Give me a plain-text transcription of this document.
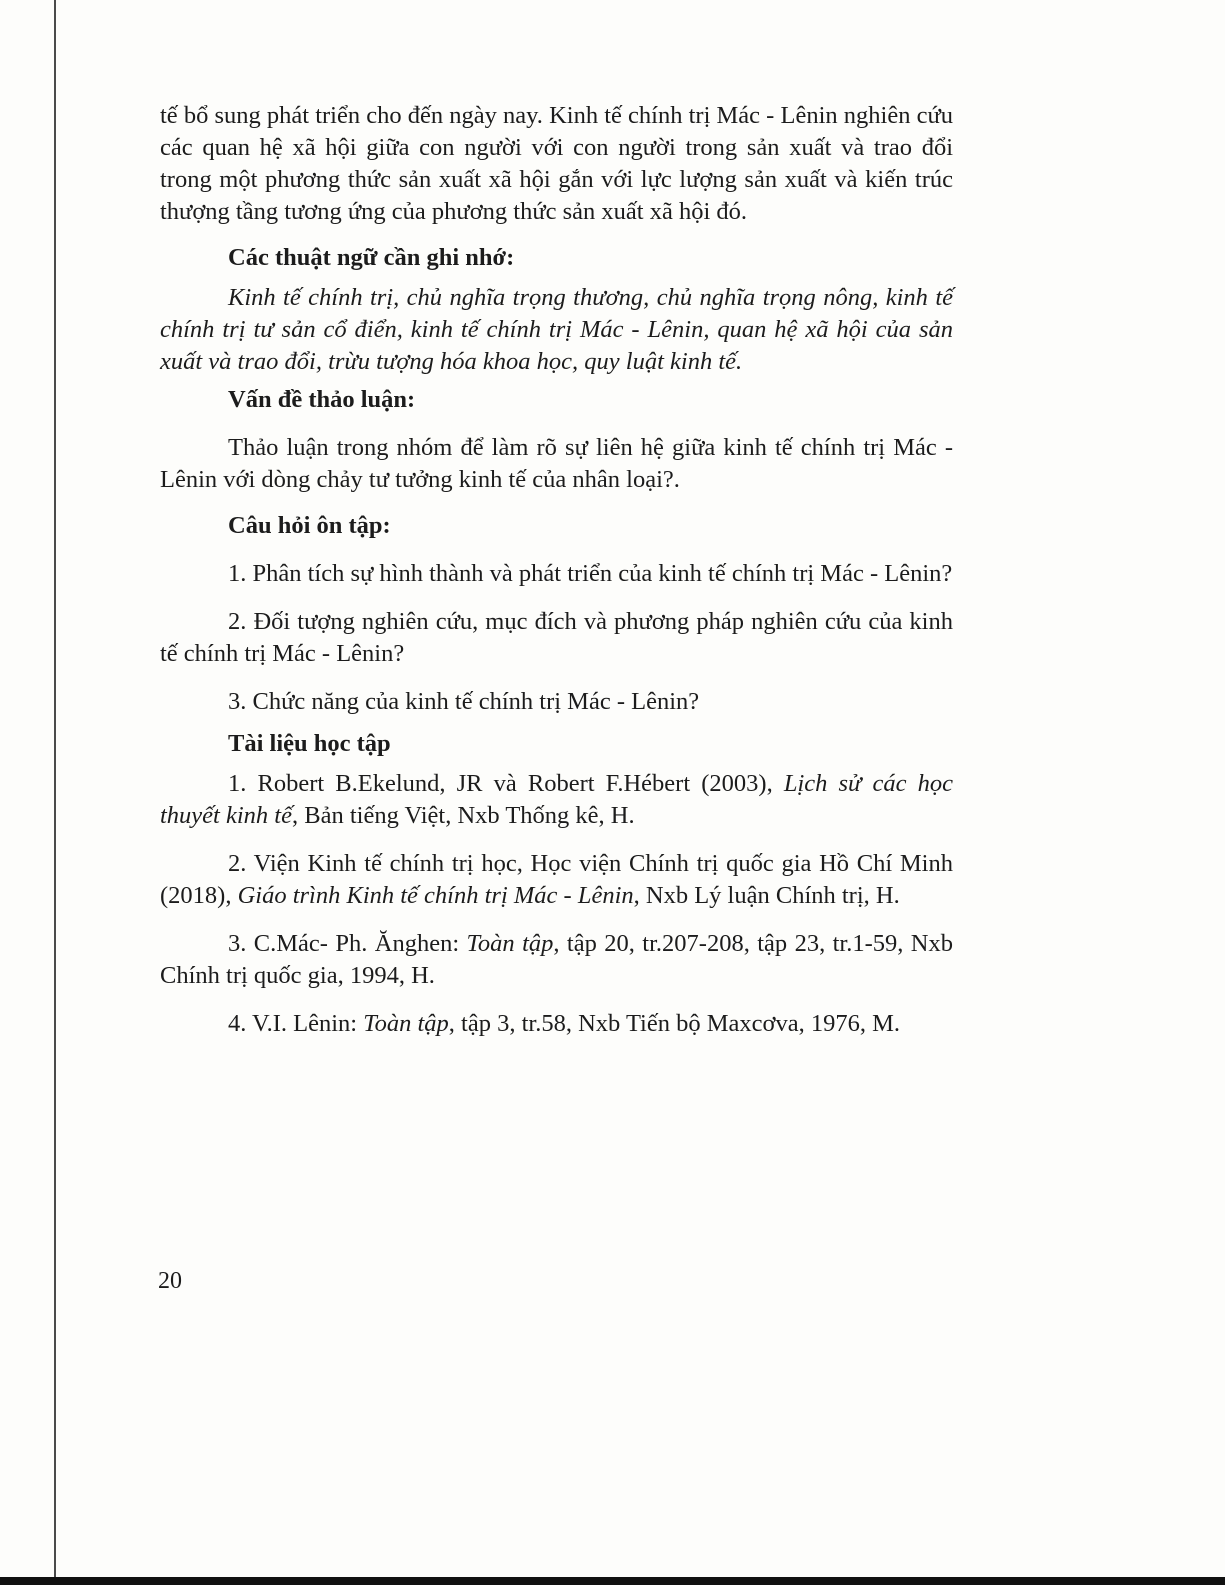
tế bổ sung phát triển cho đến ngày nay. Kinh tế chính trị Mác - Lênin nghiên cứu các quan hệ xã hội giữa con người với con người trong sản xuất và trao đổi trong một phương thức sản xuất xã hội gắn với lực lượng sản xuất và kiến trúc thượng tầng tương ứng của phương thức sản xuất xã hội đó.

Các thuật ngữ cần ghi nhớ:

Kinh tế chính trị, chủ nghĩa trọng thương, chủ nghĩa trọng nông, kinh tế chính trị tư sản cổ điển, kinh tế chính trị Mác - Lênin, quan hệ xã hội của sản xuất và trao đổi, trừu tượng hóa khoa học, quy luật kinh tế.

Vấn đề thảo luận:

Thảo luận trong nhóm để làm rõ sự liên hệ giữa kinh tế chính trị Mác - Lênin với dòng chảy tư tưởng kinh tế của nhân loại?.

Câu hỏi ôn tập:

1. Phân tích sự hình thành và phát triển của kinh tế chính trị Mác - Lênin?

2. Đối tượng nghiên cứu, mục đích và phương pháp nghiên cứu của kinh tế chính trị Mác - Lênin?

3. Chức năng của kinh tế chính trị Mác - Lênin?

Tài liệu học tập

1. Robert B.Ekelund, JR và Robert F.Hébert (2003), Lịch sử các học thuyết kinh tế, Bản tiếng Việt, Nxb Thống kê, H.

2. Viện Kinh tế chính trị học, Học viện Chính trị quốc gia Hồ Chí Minh (2018), Giáo trình Kinh tế chính trị Mác - Lênin, Nxb Lý luận Chính trị, H.

3. C.Mác- Ph. Ănghen: Toàn tập, tập 20, tr.207-208, tập 23, tr.1-59, Nxb Chính trị quốc gia, 1994, H.

4. V.I. Lênin: Toàn tập, tập 3, tr.58, Nxb Tiến bộ Maxcơva, 1976, M.

20
